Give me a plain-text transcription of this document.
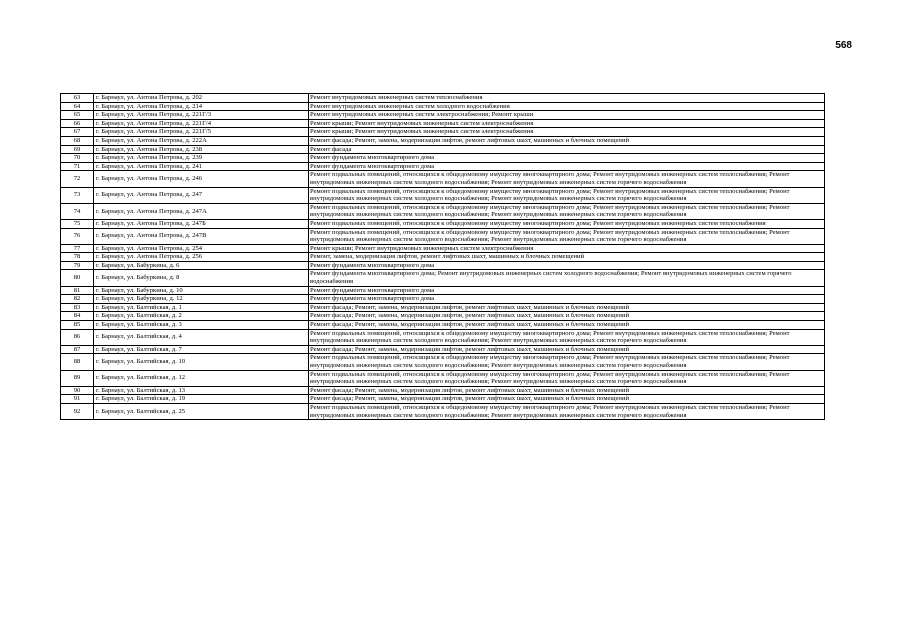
568
63	г. Барнаул, ул. Антона Петрова, д. 202	Ремонт внутридомовых инженерных систем теплоснабжения
64	г. Барнаул, ул. Антона Петрова, д. 214	Ремонт внутридомовых инженерных систем холодного водоснабжения
65	г. Барнаул, ул. Антона Петрова, д. 221Г/3	Ремонт внутридомовых инженерных систем электроснабжения; Ремонт крыши
66	г. Барнаул, ул. Антона Петрова, д. 221Г/4	Ремонт крыши; Ремонт внутридомовых инженерных систем электроснабжения
67	г. Барнаул, ул. Антона Петрова, д. 221Г/5	Ремонт крыши; Ремонт внутридомовых инженерных систем электроснабжения
68	г. Барнаул, ул. Антона Петрова, д. 222А	Ремонт фасада; Ремонт, замена, модернизация лифтов, ремонт лифтовых шахт, машинных и блочных помещений
69	г. Барнаул, ул. Антона Петрова, д. 238	Ремонт фасада
70	г. Барнаул, ул. Антона Петрова, д. 239	Ремонт фундамента многоквартирного дома
71	г. Барнаул, ул. Антона Петрова, д. 241	Ремонт фундамента многоквартирного дома
72	г. Барнаул, ул. Антона Петрова, д. 246	Ремонт подвальных помещений, относящихся к общедомовому имуществу многоквартирного дома; Ремонт внутридомовых инженерных систем теплоснабжения; Ремонт внутридомовых инженерных систем холодного водоснабжения; Ремонт внутридомовых инженерных систем горячего водоснабжения
73	г. Барнаул, ул. Антона Петрова, д. 247	Ремонт подвальных помещений, относящихся к общедомовому имуществу многоквартирного дома; Ремонт внутридомовых инженерных систем теплоснабжения; Ремонт внутридомовых инженерных систем холодного водоснабжения; Ремонт внутридомовых инженерных систем горячего водоснабжения
74	г. Барнаул, ул. Антона Петрова, д. 247А	Ремонт подвальных помещений, относящихся к общедомовому имуществу многоквартирного дома; Ремонт внутридомовых инженерных систем теплоснабжения; Ремонт внутридомовых инженерных систем холодного водоснабжения; Ремонт внутридомовых инженерных систем горячего водоснабжения
75	г. Барнаул, ул. Антона Петрова, д. 247Б	Ремонт подвальных помещений, относящихся к общедомовому имуществу многоквартирного дома; Ремонт внутридомовых инженерных систем теплоснабжения
76	г. Барнаул, ул. Антона Петрова, д. 247В	Ремонт подвальных помещений, относящихся к общедомовому имуществу многоквартирного дома; Ремонт внутридомовых инженерных систем теплоснабжения; Ремонт внутридомовых инженерных систем холодного водоснабжения; Ремонт внутридомовых инженерных систем горячего водоснабжения
77	г. Барнаул, ул. Антона Петрова, д. 254	Ремонт крыши; Ремонт внутридомовых инженерных систем электроснабжения
78	г. Барнаул, ул. Антона Петрова, д. 256	Ремонт, замена, модернизация лифтов, ремонт лифтовых шахт, машинных и блочных помещений
79	г. Барнаул, ул. Бабуркина, д. 6	Ремонт фундамента многоквартирного дома
80	г. Барнаул, ул. Бабуркина, д. 8	Ремонт фундамента многоквартирного дома; Ремонт внутридомовых инженерных систем холодного водоснабжения; Ремонт внутридомовых инженерных систем горячего водоснабжения
81	г. Барнаул, ул. Бабуркина, д. 10	Ремонт фундамента многоквартирного дома
82	г. Барнаул, ул. Бабуркина, д. 12	Ремонт фундамента многоквартирного дома
83	г. Барнаул, ул. Балтийская, д. 1	Ремонт фасада; Ремонт, замена, модернизация лифтов, ремонт лифтовых шахт, машинных и блочных помещений
84	г. Барнаул, ул. Балтийская, д. 2	Ремонт фасада; Ремонт, замена, модернизация лифтов, ремонт лифтовых шахт, машинных и блочных помещений
85	г. Барнаул, ул. Балтийская, д. 3	Ремонт фасада; Ремонт, замена, модернизация лифтов, ремонт лифтовых шахт, машинных и блочных помещений
86	г. Барнаул, ул. Балтийская, д. 4	Ремонт подвальных помещений, относящихся к общедомовому имуществу многоквартирного дома; Ремонт внутридомовых инженерных систем теплоснабжения; Ремонт внутридомовых инженерных систем холодного водоснабжения; Ремонт внутридомовых инженерных систем горячего водоснабжения
87	г. Барнаул, ул. Балтийская, д. 7	Ремонт фасада; Ремонт, замена, модернизация лифтов, ремонт лифтовых шахт, машинных и блочных помещений
88	г. Барнаул, ул. Балтийская, д. 10	Ремонт подвальных помещений, относящихся к общедомовому имуществу многоквартирного дома; Ремонт внутридомовых инженерных систем теплоснабжения; Ремонт внутридомовых инженерных систем холодного водоснабжения; Ремонт внутридомовых инженерных систем горячего водоснабжения
89	г. Барнаул, ул. Балтийская, д. 12	Ремонт подвальных помещений, относящихся к общедомовому имуществу многоквартирного дома; Ремонт внутридомовых инженерных систем теплоснабжения; Ремонт внутридомовых инженерных систем холодного водоснабжения; Ремонт внутридомовых инженерных систем горячего водоснабжения
90	г. Барнаул, ул. Балтийская, д. 13	Ремонт фасада; Ремонт, замена, модернизация лифтов, ремонт лифтовых шахт, машинных и блочных помещений
91	г. Барнаул, ул. Балтийская, д. 19	Ремонт фасада; Ремонт, замена, модернизация лифтов, ремонт лифтовых шахт, машинных и блочных помещений
92	г. Барнаул, ул. Балтийская, д. 25	Ремонт подвальных помещений, относящихся к общедомовому имуществу многоквартирного дома; Ремонт внутридомовых инженерных систем теплоснабжения; Ремонт внутридомовых инженерных систем холодного водоснабжения; Ремонт внутридомовых инженерных систем горячего водоснабжения
